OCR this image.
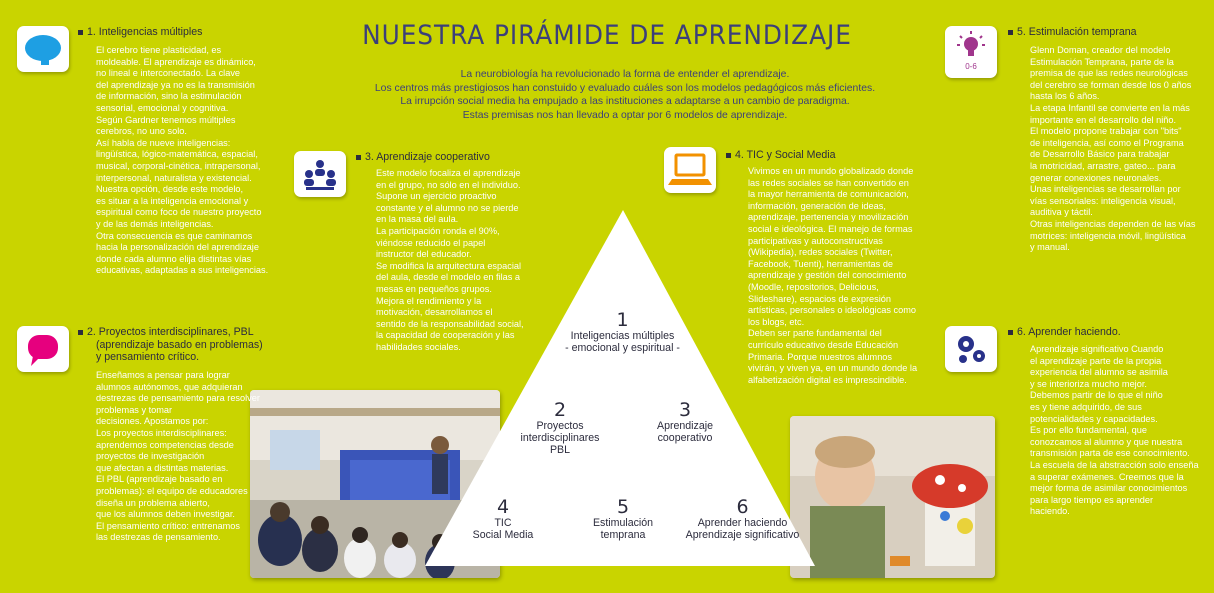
NUESTRA PIRÁMIDE DE APRENDIZAJE
La neurobiología ha revolucionado la forma de entender el aprendizaje.
Los centros más prestigiosos han constuido y evaluado cuáles son los modelos pedagógicos más eficientes.
La irrupción social media ha empujado a las instituciones a adaptarse a un cambio de paradigma.
Estas premisas nos han llevado a optar por 6 modelos de aprendizaje.
1
Inteligencias múltiples
- emocional y espiritual -
2
Proyectos
interdisciplinares
PBL
3
Aprendizaje
cooperativo
4
TIC
Social Media
5
Estimulación
temprana
6
Aprender haciendo
Aprendizaje significativo
1. Inteligencias múltiples
El cerebro tiene plasticidad, es
moldeable. El aprendizaje es dinámico,
no lineal e interconectado. La clave
del aprendizaje ya no es la transmisión
de información, sino la estimulación
sensorial, emocional y cognitiva.
Según Gardner tenemos múltiples
cerebros, no uno solo.
Así habla de nueve inteligencias:
lingüística, lógico-matemática, espacial,
musical, corporal-cinética, intrapersonal,
interpersonal, naturalista y existencial.
Nuestra opción, desde este modelo,
es situar a la inteligencia emocional y
espiritual como foco de nuestro proyecto
y de las demás inteligencias.
Otra consecuencia es que caminamos
hacia la personalización del aprendizaje
donde cada alumno elija distintas vías
educativas, adaptadas a sus inteligencias.
2. Proyectos interdisciplinares, PBL
(aprendizaje basado en problemas)
y pensamiento crítico.
Enseñamos a pensar para lograr
alumnos autónomos, que adquieran
destrezas de pensamiento para resolver
problemas y tomar
decisiones. Apostamos por:
Los proyectos interdisciplinares:
aprendemos competencias desde
proyectos de investigación
que afectan a distintas materias.
El PBL (aprendizaje basado en
problemas): el equipo de educadores
diseña un problema abierto,
que los alumnos deben investigar.
El pensamiento crítico: entrenamos
las destrezas de pensamiento.
3. Aprendizaje cooperativo
Este modelo focaliza el aprendizaje
en el grupo, no sólo en el individuo.
Supone un ejercicio proactivo
constante y el alumno no se pierde
en la masa del aula.
La participación ronda el 90%,
viéndose reducido el papel
instructor del educador.
Se modifica la arquitectura espacial
del aula, desde el modelo en filas a
mesas en pequeños grupos.
Mejora el rendimiento y la
motivación, desarrollamos el
sentido de la responsabilidad social,
la capacidad de cooperación y las
habilidades sociales.
4. TIC y Social Media
Vivimos en un mundo globalizado donde
las redes sociales se han convertido en
la mayor herramienta de comunicación,
información, generación de ideas,
aprendizaje, pertenencia y movilización
social e ideológica. El manejo de formas
participativas y autoconstructivas
(Wikipedia), redes sociales (Twitter,
Facebook, Tuenti), herramientas de
aprendizaje y gestión del conocimiento
(Moodle, repositorios, Delicious,
Slideshare), espacios de expresión
artísticas, personales o ideológicas como
los blogs, etc.
Deben ser parte fundamental del
currículo educativo desde Educación
Primaria. Porque nuestros alumnos
vivirán, y viven ya, en un mundo donde la
alfabetización digital es imprescindible.
0-6
5. Estimulación temprana
Glenn Doman, creador del modelo
Estimulación Temprana, parte de la
premisa de que las redes neurológicas
del cerebro se forman desde los 0 años
hasta los 6 años.
La etapa Infantil se convierte en la más
importante en el desarrollo del niño.
El modelo propone trabajar con "bits"
de inteligencia, así como el Programa
de Desarrollo Básico para trabajar
la motricidad, arrastre, gateo... para
generar conexiones neuronales.
Unas inteligencias se desarrollan por
vías sensoriales: inteligencia visual,
auditiva y táctil.
Otras inteligencias dependen de las vías
motrices: inteligencia móvil, lingüística
y manual.
6. Aprender haciendo.
Aprendizaje significativo Cuando
el aprendizaje parte de la propia
experiencia del alumno se asimila
y se interioriza mucho mejor.
Debemos partir de lo que el niño
es y tiene adquirido, de sus
potencialidades y capacidades.
Es por ello fundamental, que
conozcamos al alumno y que nuestra
transmisión parta de ese conocimiento.
La escuela de la abstracción solo enseña
a superar exámenes. Creemos que la
mejor forma de asimilar conocimientos
para largo tiempo es aprender
haciendo.
